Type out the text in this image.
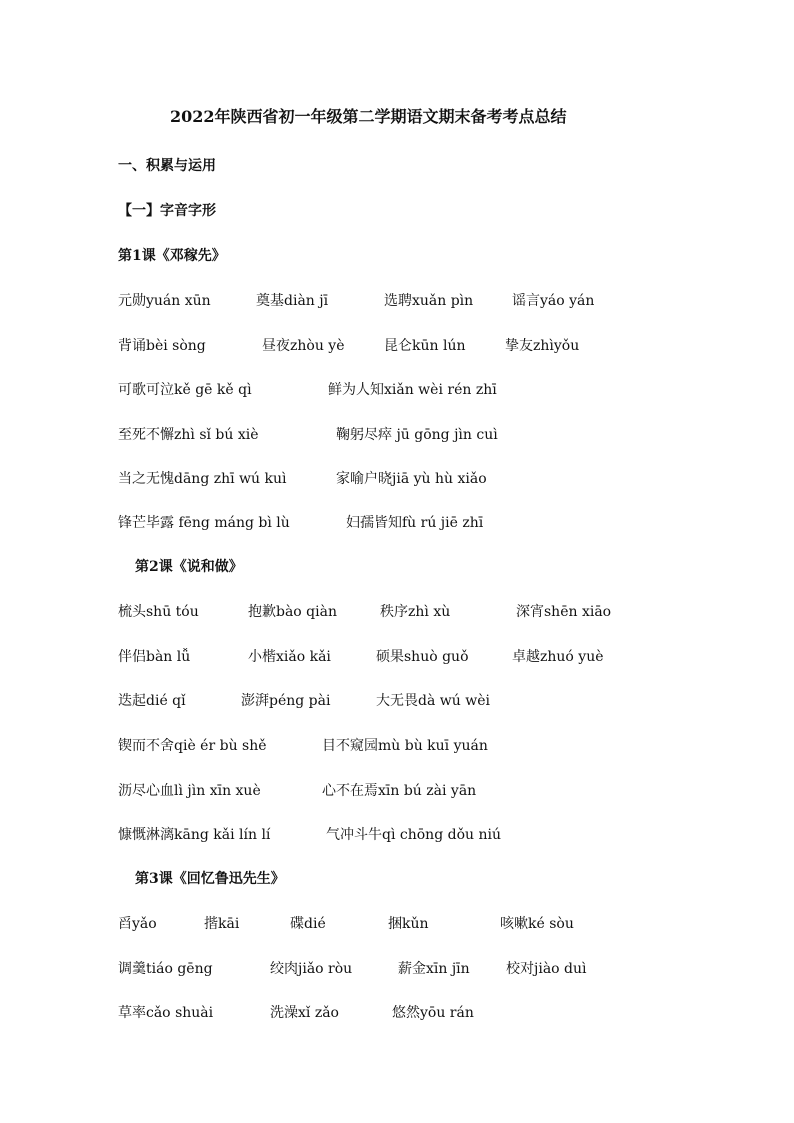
2022年陕西省初一年级第二学期语文期末备考考点总结
一、积累与运用
【一】字音字形
第1课《邓稼先》
元勋yuán xūn	奠基diàn jī	选聘xuǎn pìn	谣言yáo yán
背诵bèi sòng	昼夜zhòu yè	昆仑kūn lún	挚友zhìyǒu
可歌可泣kě gē kě qì	鲜为人知xiǎn wèi rén zhī
至死不懈zhì sǐ bú xiè	鞠躬尽瘁 jū gōng jìn cuì
当之无愧dāng zhī wú kuì	家喻户晓jiā yù hù xiǎo
锋芒毕露 fēng máng bì lù	妇孺皆知fù rú jiē zhī
第2课《说和做》
梳头shū tóu	抱歉bào qiàn	秩序zhì xù	深宵shēn xiāo
伴侣bàn lǚ	小楷xiǎo kǎi	硕果shuò guǒ	卓越zhuó yuè
迭起dié qǐ	澎湃péng pài	大无畏dà wú wèi
锲而不舍qiè ér bù shě	目不窥园mù bù kuī yuán
沥尽心血lì jìn xīn xuè	心不在焉xīn bú zài yān
慷慨淋漓kāng kǎi lín lí	气冲斗牛qì chōng dǒu niú
第3课《回忆鲁迅先生》
舀yǎo	揩kāi	碟dié	捆kǔn	咳嗽ké sòu
调羹tiáo gēng	绞肉jiǎo ròu	薪金xīn jīn	校对jiào duì
草率cǎo shuài	洗澡xǐ zǎo	悠然yōu rán
